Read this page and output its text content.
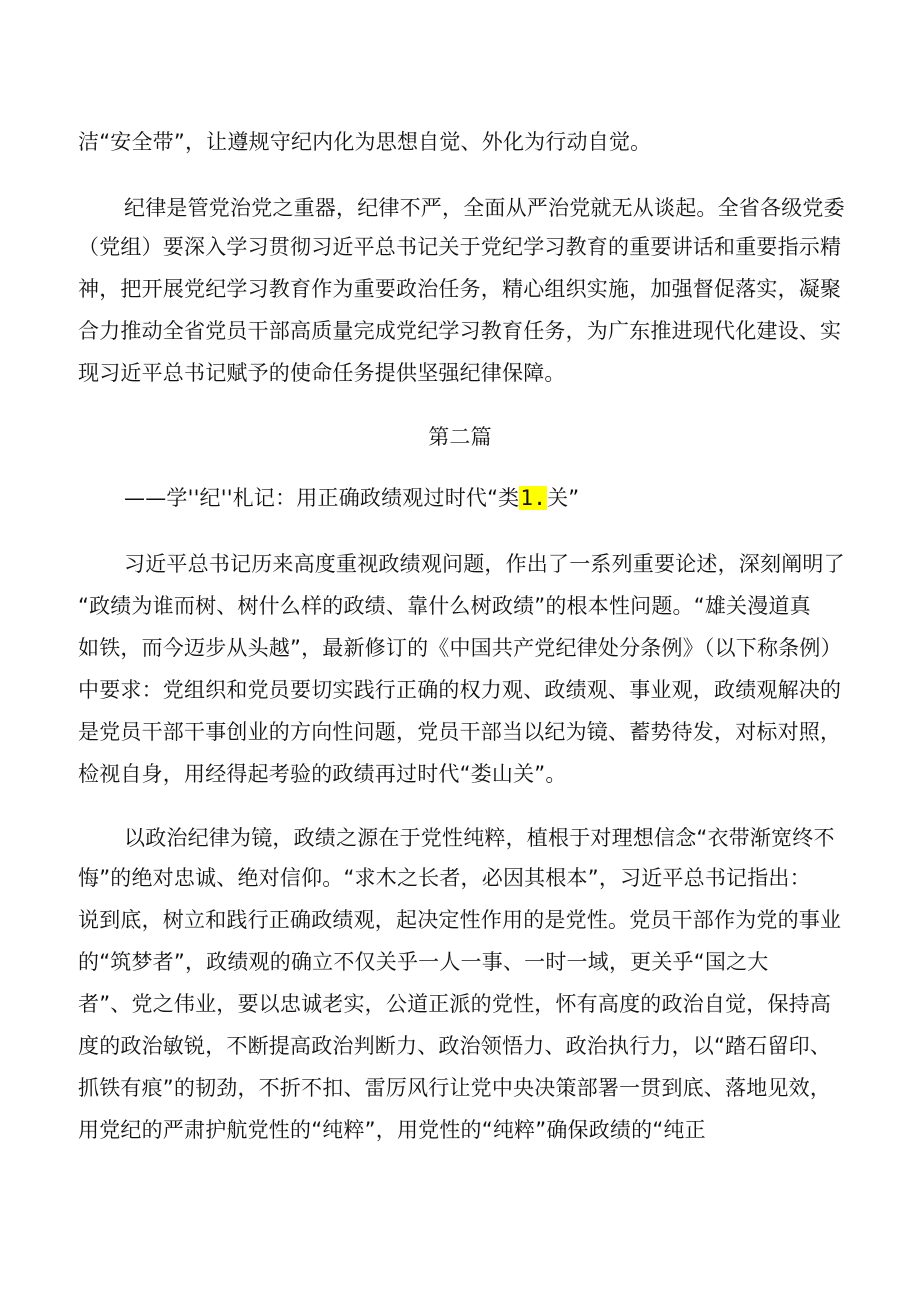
洁“安全带”，让遵规守纪内化为思想自觉、外化为行动自觉。
纪律是管党治党之重器，纪律不严，全面从严治党就无从谈起。全省各级党委
（党组）要深入学习贯彻习近平总书记关于党纪学习教育的重要讲话和重要指示精
神，把开展党纪学习教育作为重要政治任务，精心组织实施，加强督促落实，凝聚
合力推动全省党员干部高质量完成党纪学习教育任务，为广东推进现代化建设、实
现习近平总书记赋予的使命任务提供坚强纪律保障。
第二篇
——学''纪''札记：用正确政绩观过时代“类1.关”
习近平总书记历来高度重视政绩观问题，作出了一系列重要论述，深刻阐明了
“政绩为谁而树、树什么样的政绩、靠什么树政绩”的根本性问题。“雄关漫道真
如铁，而今迈步从头越”，最新修订的《中国共产党纪律处分条例》（以下称条例）
中要求：党组织和党员要切实践行正确的权力观、政绩观、事业观，政绩观解决的
是党员干部干事创业的方向性问题，党员干部当以纪为镜、蓄势待发，对标对照，
检视自身，用经得起考验的政绩再过时代“娄山关”。
以政治纪律为镜，政绩之源在于党性纯粹，植根于对理想信念“衣带渐宽终不
悔”的绝对忠诚、绝对信仰。“求木之长者，必因其根本”，习近平总书记指出：
说到底，树立和践行正确政绩观，起决定性作用的是党性。党员干部作为党的事业
的“筑梦者”，政绩观的确立不仅关乎一人一事、一时一域，更关乎“国之大
者”、党之伟业，要以忠诚老实，公道正派的党性，怀有高度的政治自觉，保持高
度的政治敏锐，不断提高政治判断力、政治领悟力、政治执行力，以“踏石留印、
抓铁有痕”的韧劲，不折不扣、雷厉风行让党中央决策部署一贯到底、落地见效，
用党纪的严肃护航党性的“纯粹”，用党性的“纯粹”确保政绩的“纯正
